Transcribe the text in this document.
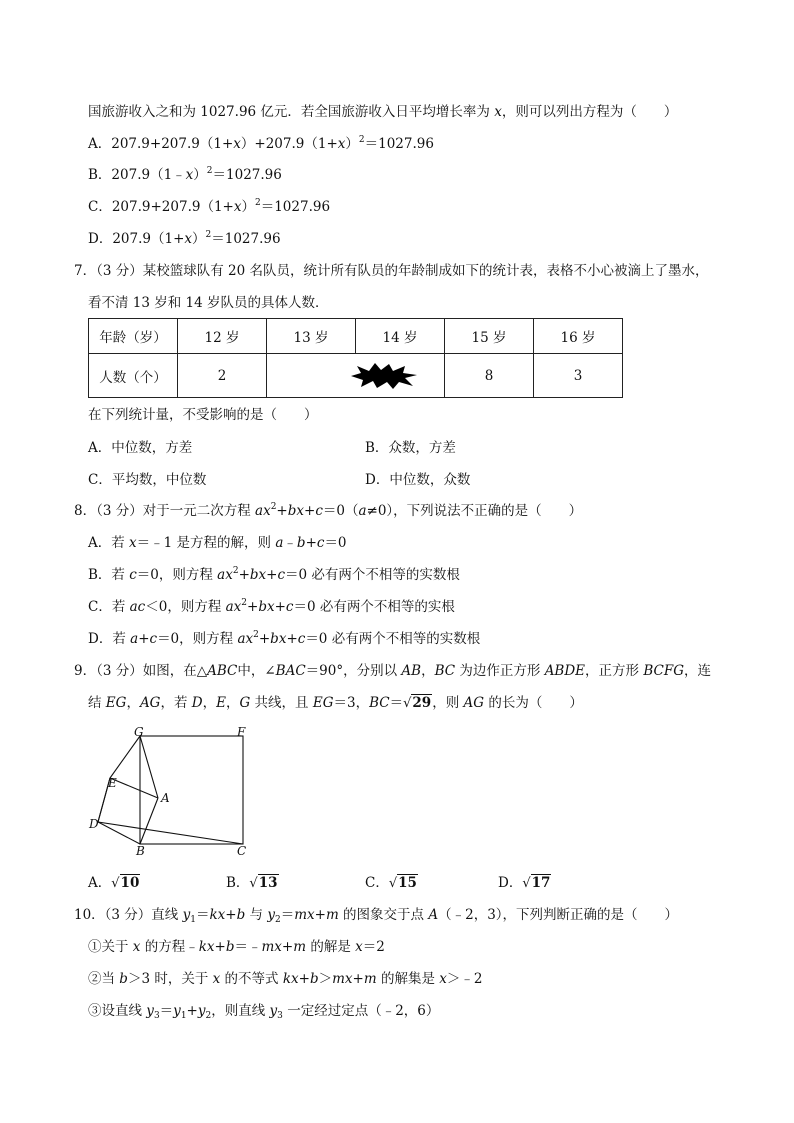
国旅游收入之和为 1027.96 亿元．若全国旅游收入日平均增长率为 x，则可以列出方程为（　　）
A．$207.9+207.9(1+x)+207.9(1+x)^2=1027.96$
B．207.9（1﹣x）$^2$＝1027.96
C．$207.9+207.9(1+x)^2=1027.96$
D．$207.9(1+x)^2=1027.96$
7．（3 分）某校篮球队有 20 名队员，统计所有队员的年龄制成如下的统计表，表格不小心被滴上了墨水，
看不清 13 岁和 14 岁队员的具体人数．
年龄（岁）	12 岁	13 岁	14 岁	15 岁	16 岁
人数（个）	2			8	3
在下列统计量，不受影响的是（　　）
A．中位数，方差	B．众数，方差
C．平均数，中位数	D．中位数，众数
8．（3 分）对于一元二次方程 $ax^2+bx+c=0(a\ne 0)$，下列说法不正确的是（　　）
A．若 x＝﹣1 是方程的解，则 a﹣b+c＝0
B．若 c＝0，则方程 $ax^2+bx+c=0$ 必有两个不相等的实数根
C．若 ac＜0，则方程 $ax^2+bx+c=0$ 必有两个不相等的实根
D．若 a+c＝0，则方程 $ax^2+bx+c=0$ 必有两个不相等的实数根
9．（3 分）如图，在△ABC中，∠BAC＝90°，分别以 AB，BC 为边作正方形 ABDE，正方形 BCFG，连
结 EG，AG，若 D，E，G 共线，且 EG＝3，BC＝√29，则 AG 的长为（　　）
G	F
E
A
D
B	C
A．√10	B．√13	C．√15	D．√17
10．（3 分）直线 $y_1=kx+b$ 与 $y_2=mx+m$ 的图象交于点 A（﹣2，3），下列判断正确的是（　　）
①关于 x 的方程﹣kx+b＝﹣mx+m 的解是 x＝2
②当 b＞3 时，关于 x 的不等式 kx+b＞mx+m 的解集是 x＞﹣2
③设直线 $y_3=y_1+y_2$，则直线 $y_3$ 一定经过定点（﹣2，6）
